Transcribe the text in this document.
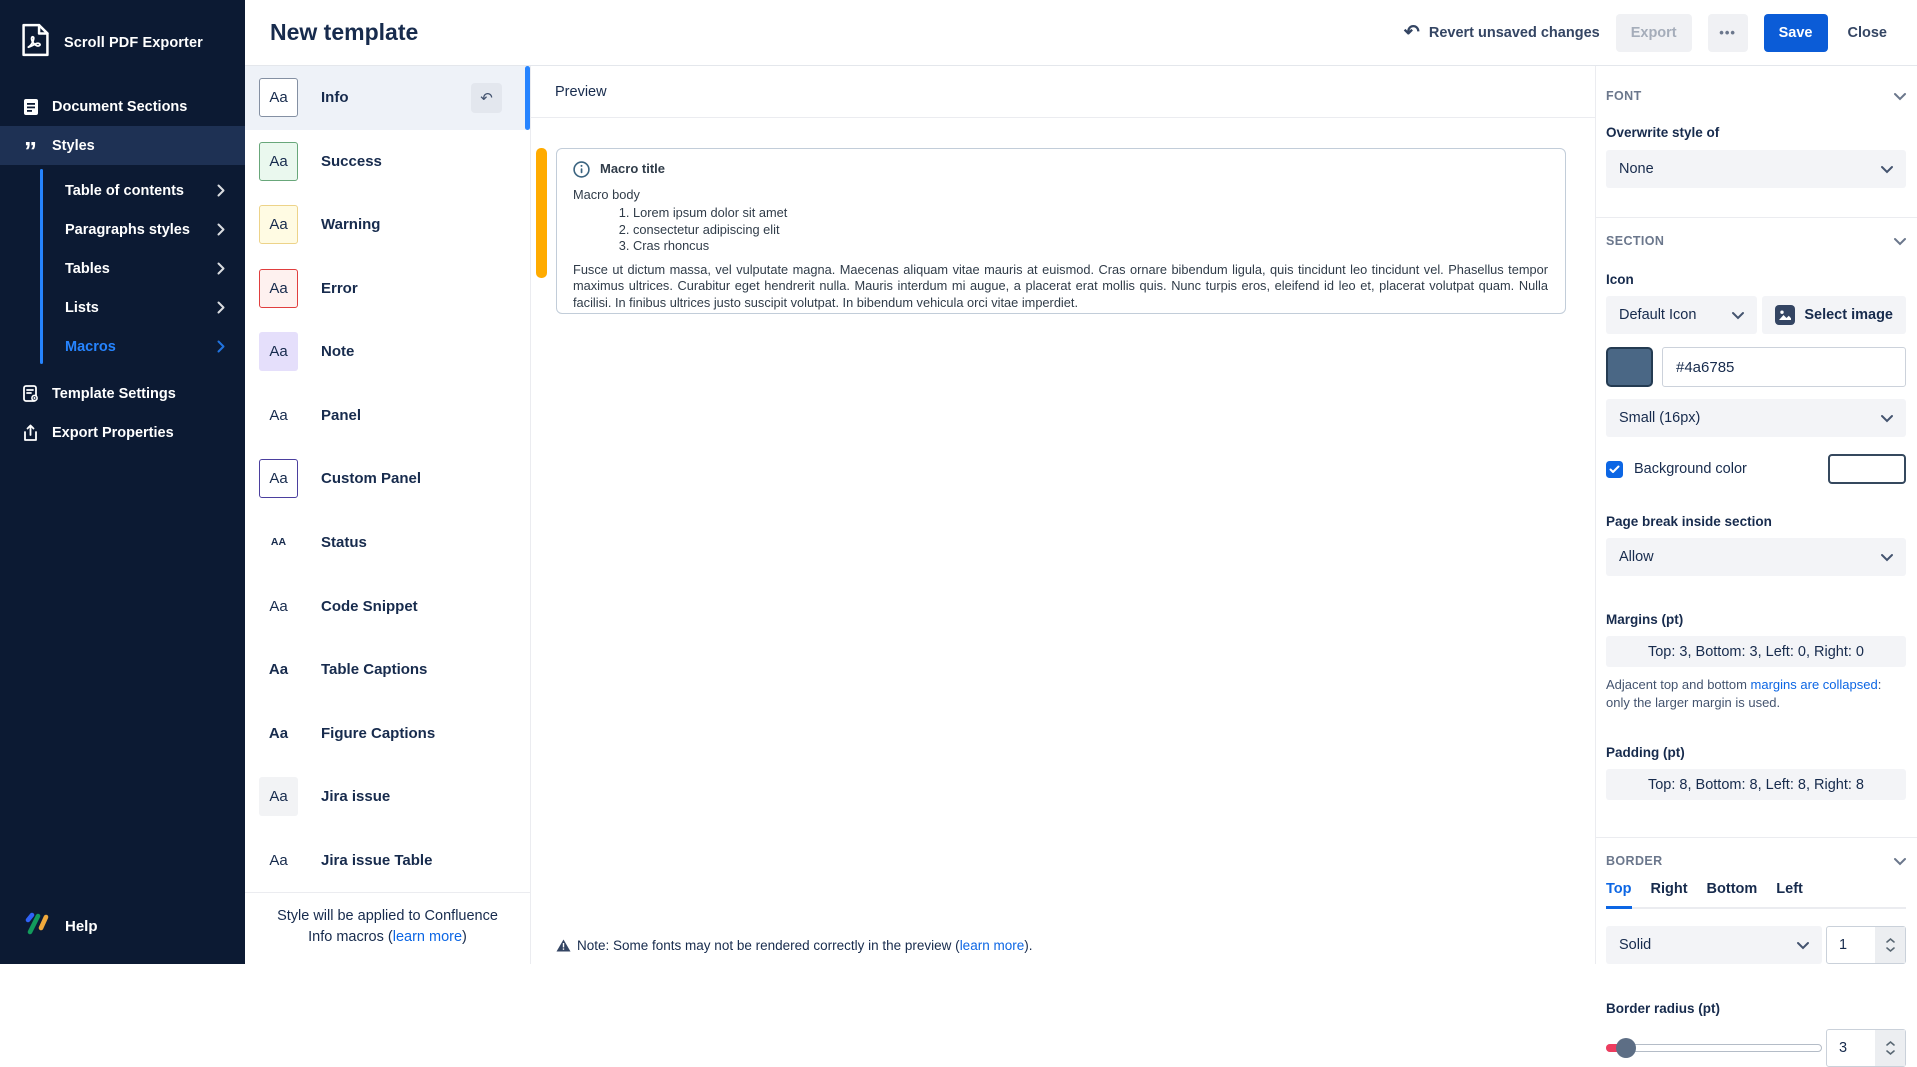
Scroll PDF Exporter
Document Sections
” Styles
Table of contents
Paragraphs styles
Tables
Lists
Macros
Template Settings
Export Properties
Help
New template	↶ Revert unsaved changes	Export	•••	Save	Close
Aa	Info	↶
Aa	Success
Aa	Warning
Aa	Error
Aa	Note
Aa	Panel
Aa	Custom Panel
AA	Status
Aa	Code Snippet
Aa	Table Captions
Aa	Figure Captions
Aa	Jira issue
Aa	Jira issue Table
Style will be applied to Confluence
Info macros (learn more)
Preview
Macro title
Macro body
1. Lorem ipsum dolor sit amet
2. consectetur adipiscing elit
3. Cras rhoncus
Fusce ut dictum massa, vel vulputate magna. Maecenas aliquam vitae mauris at euismod. Cras ornare bibendum ligula, quis tincidunt leo tincidunt vel. Phasellus tempor maximus ultrices. Curabitur eget hendrerit nulla. Mauris interdum mi augue, a placerat erat mollis quis. Nunc turpis eros, eleifend id leo et, placerat volutpat quam. Nulla facilisi. In finibus ultrices justo suscipit volutpat. In bibendum vehicula orci vitae imperdiet.
Note: Some fonts may not be rendered correctly in the preview (learn more).
FONT
Overwrite style of
None
SECTION
Icon
Default Icon	Select image
#4a6785
Small (16px)
Background color
Page break inside section
Allow
Margins (pt)
Top: 3, Bottom: 3, Left: 0, Right: 0
Adjacent top and bottom margins are collapsed: only the larger margin is used.
Padding (pt)
Top: 8, Bottom: 8, Left: 8, Right: 8
BORDER
Top Right Bottom Left
Solid	1
Border radius (pt)
3
